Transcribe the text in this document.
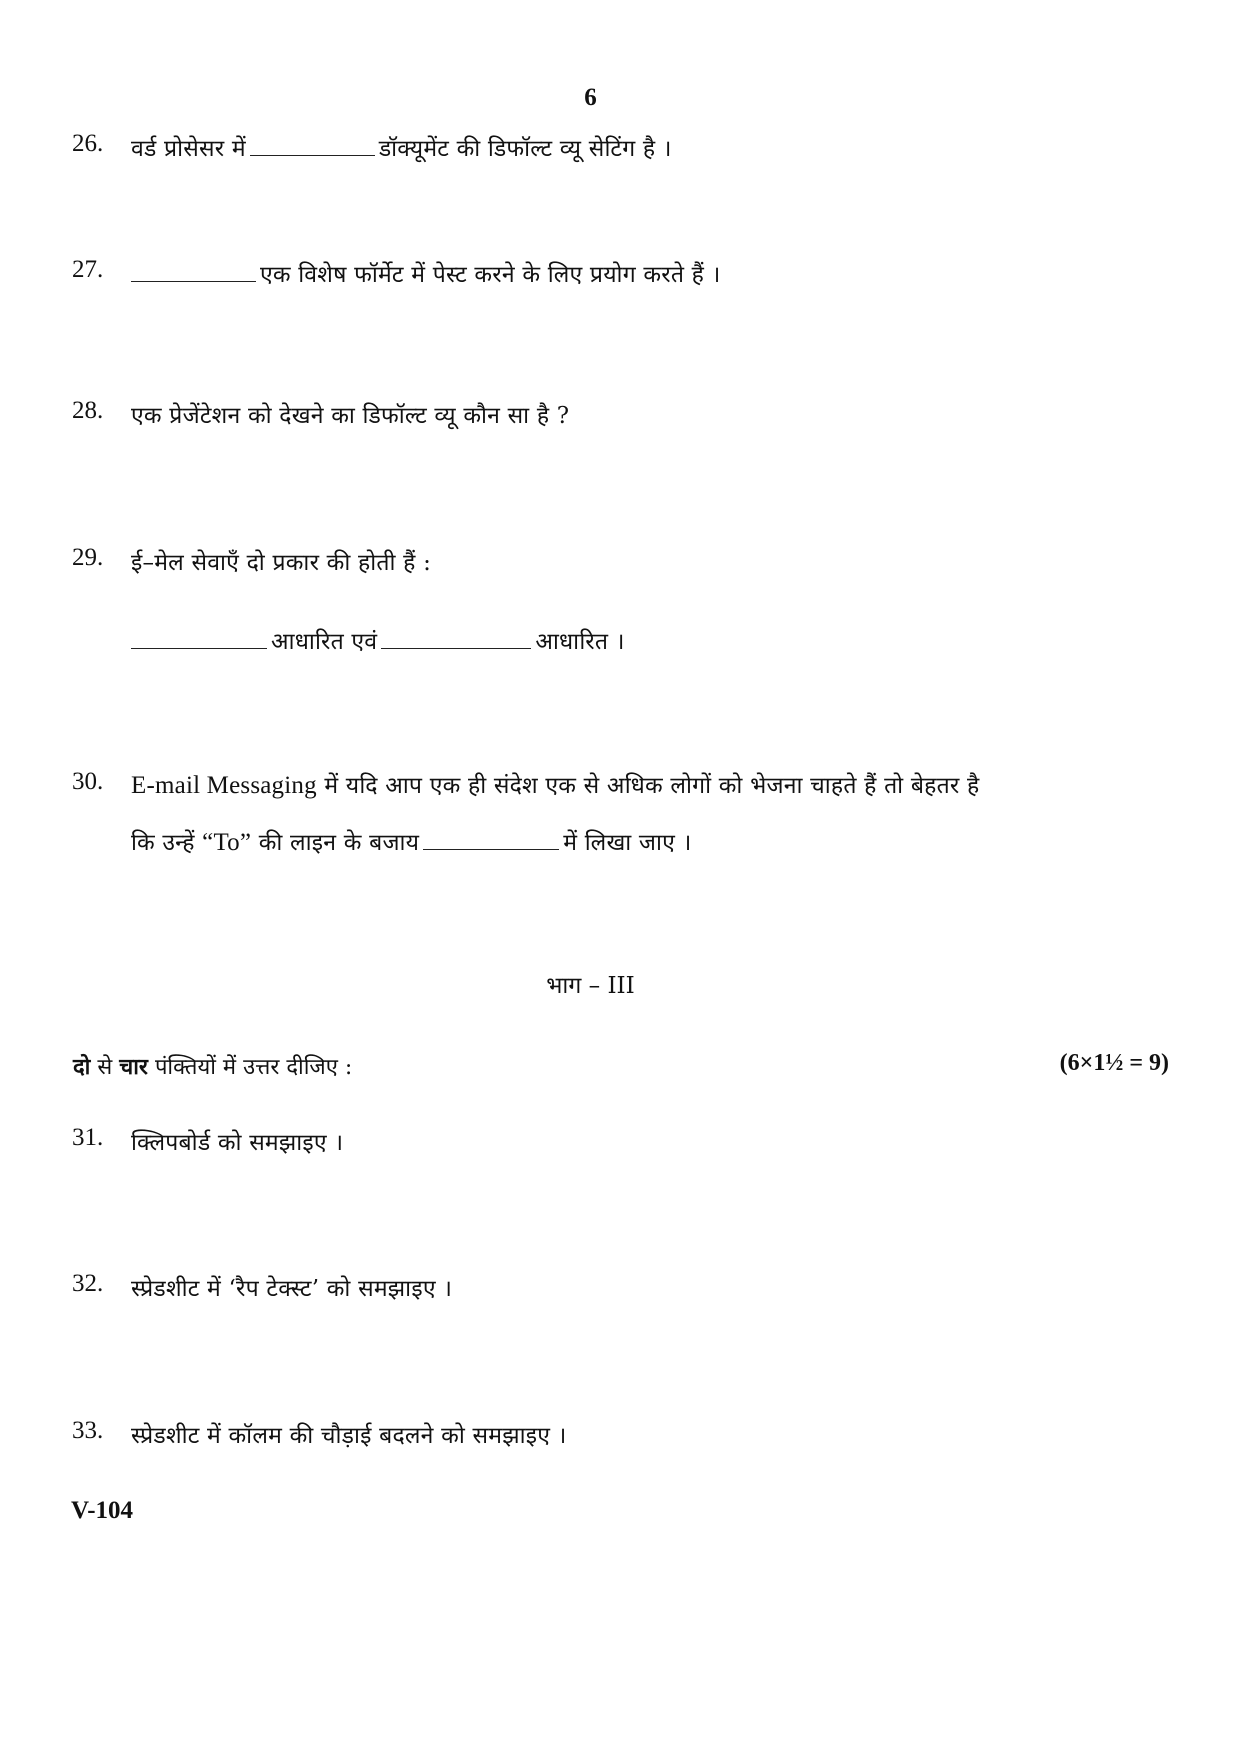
6
26. वर्ड प्रोसेसर में	डॉक्यूमेंट की डिफॉल्ट व्यू सेटिंग है ।
27.	एक विशेष फॉर्मेट में पेस्ट करने के लिए प्रयोग करते हैं ।
28. एक प्रेजेंटेशन को देखने का डिफॉल्ट व्यू कौन सा है ?
29. ई–मेल सेवाएँ दो प्रकार की होती हैं :
आधारित एवं	आधारित ।
30. E-mail Messaging में यदि आप एक ही संदेश एक से अधिक लोगों को भेजना चाहते हैं तो बेहतर है
कि उन्हें “To” की लाइन के बजाय	में लिखा जाए ।
भाग – III
दो से चार पंक्तियों में उत्तर दीजिए :	(6×1½ = 9)
31. क्लिपबोर्ड को समझाइए ।
32. स्प्रेडशीट में ‘रैप टेक्स्ट’ को समझाइए ।
33. स्प्रेडशीट में कॉलम की चौड़ाई बदलने को समझाइए ।
V-104
